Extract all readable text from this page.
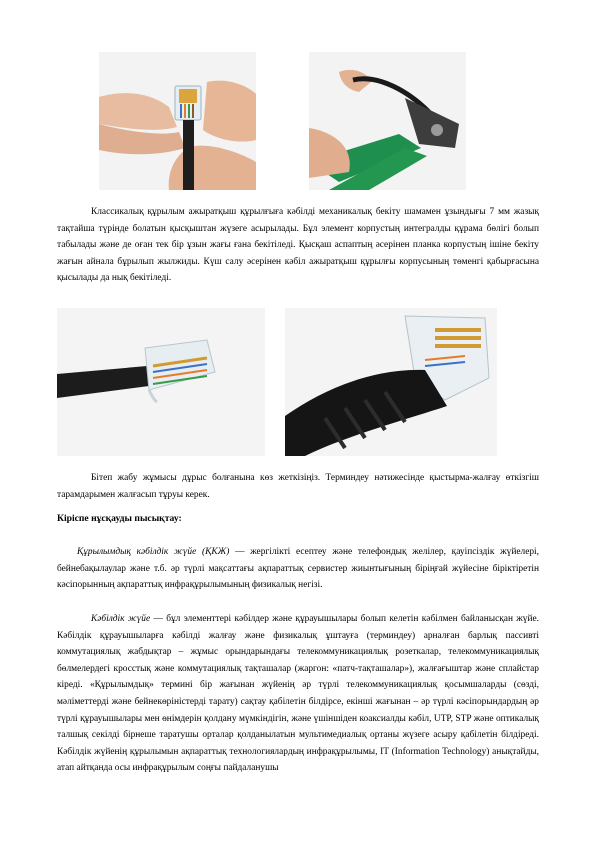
Классикалық құрылым ажыратқыш құрылғыға кәбілді механикалық бекіту шамамен ұзындығы 7 мм жазық тақтайша түрінде болатын қысқыштан жүзеге асырылады. Бұл элемент корпустың интегралды құрама бөлігі болып табылады және де оған тек бір ұзын жағы ғана бекітіледі. Қысқаш аспаптың әсерінен планка корпустың ішіне бекіту жағын айнала бұрылып жылжиды. Күш салу әсерінен кәбіл ажыратқыш құрылғы корпусының төменгі қабырғасына қысылады да нық бекітіледі.

Бітеп жабу жұмысы дұрыс болғанына көз жеткізіңіз. Терминдеу нәтижесінде қыстырма-жалғау өткізгіш тарамдарымен жалғасып тұруы керек.

Кіріспе нұсқауды пысықтау:

Құрылымдық кәбілдік жүйе (ҚКЖ) — жергілікті есептеу және телефондық желілер, қауіпсіздік жүйелері, бейнебақылаулар және т.б. әр түрлі мақсаттағы ақпараттық сервистер жиынтығының біріңғай жүйесіне біріктіретін кәсіпорынның ақпараттық инфрақұрылымының физикалық негізі.

Кәбілдік жүйе — бұл элементтері кәбілдер және құрауышылары болып келетін кәбілмен байланысқан жүйе. Кәбілдік құрауышыларға кәбілді жалғау және физикалық ұштауға (терминдеу) арналған барлық пассивті коммутациялық жабдықтар – жұмыс орындарындағы телекоммуникациялық розеткалар, телекоммуникациялық бөлмелердегі кросстық және коммутациялық тақташалар (жаргон: «патч-тақташалар»), жалғағыштар және сплайстар кіреді. «Құрылымдық» термині бір жағынан жүйенің әр түрлі телекоммуникациялық қосымшаларды (сөзді, мәліметтерді және бейнекөріністерді тарату) сақтау қабілетін білдірсе, екінші жағынан – әр түрлі кәсіпорындардың әр түрлі құрауышылары мен өнімдерін қолдану мүмкіндігін, және үшіншіден коаксиалды кәбіл, UTP, STP және оптикалық талшық секілді бірнеше таратушы орталар қолданылатын мультимедиалық ортаны жүзеге асыру қабілетін білдіреді. Кәбілдік жүйенің құрылымын ақпараттық технологиялардың инфрақұрылымы, IT (Information Technology) анықтайды, атап айтқанда осы инфрақұрылым соңғы пайдаланушы
